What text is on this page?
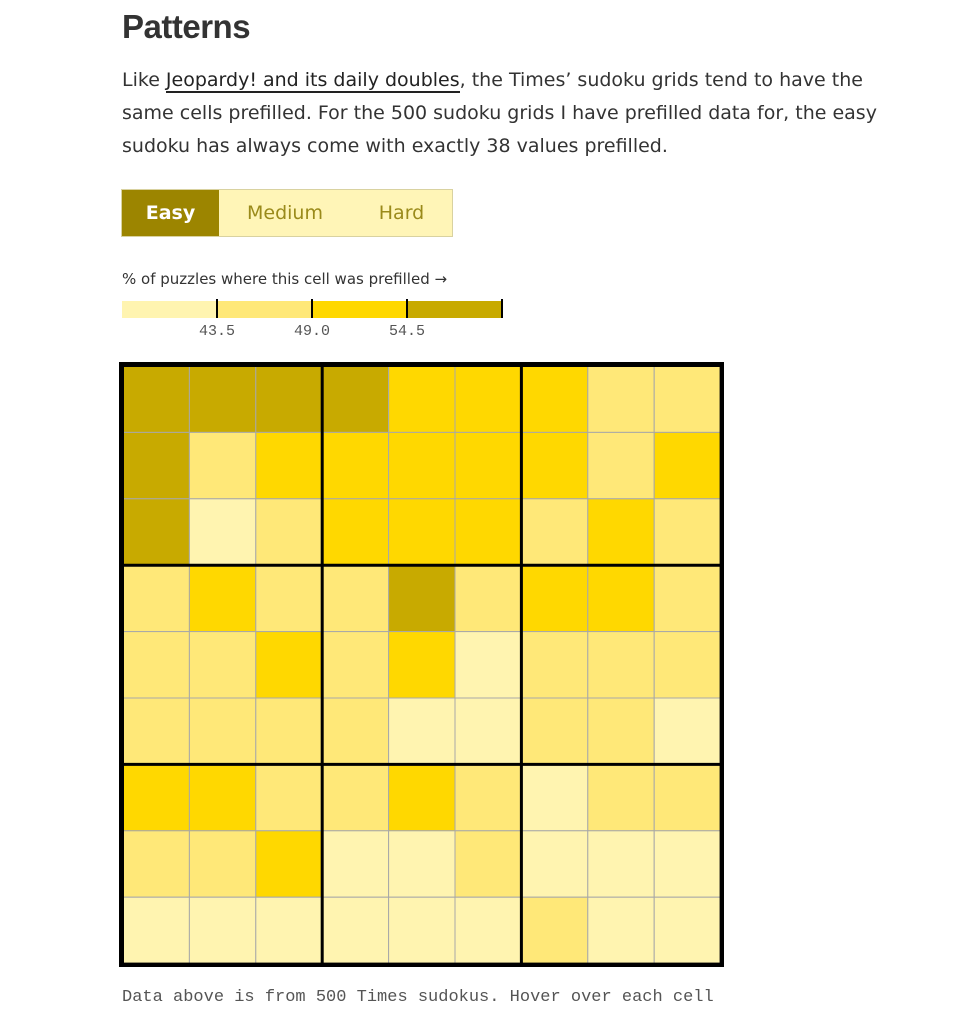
Patterns

Like Jeopardy! and its daily doubles, the Times’ sudoku grids tend to have the same cells prefilled. For the 500 sudoku grids I have prefilled data for, the easy sudoku has always come with exactly 38 values prefilled.

Easy	Medium	Hard

% of puzzles where this cell was prefilled →

43.5	49.0	54.5

Data above is from 500 Times sudokus. Hover over each cell
